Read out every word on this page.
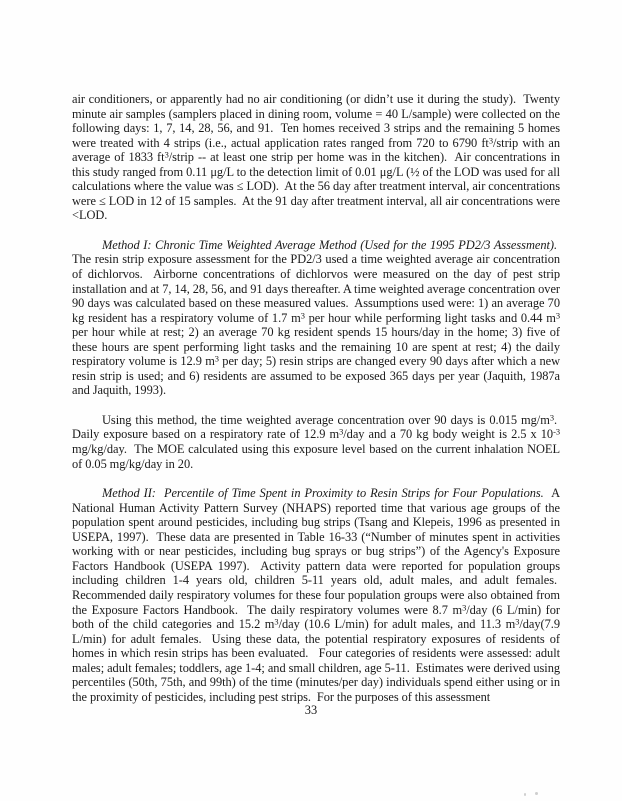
air conditioners, or apparently had no air conditioning (or didn’t use it during the study).  Twenty minute air samples (samplers placed in dining room, volume = 40 L/sample) were collected on the following days: 1, 7, 14, 28, 56, and 91.  Ten homes received 3 strips and the remaining 5 homes were treated with 4 strips (i.e., actual application rates ranged from 720 to 6790 $ft^3$/strip with an average of 1833 $ft^3$/strip -- at least one strip per home was in the kitchen).  Air concentrations in this study ranged from 0.11 μg/L to the detection limit of 0.01 μg/L (½ of the LOD was used for all calculations where the value was ≤ LOD).  At the 56 day after treatment interval, air concentrations were ≤ LOD in 12 of 15 samples.  At the 91 day after treatment interval, all air concentrations were <LOD.

Method I: Chronic Time Weighted Average Method (Used for the 1995 PD2/3 Assessment).  The resin strip exposure assessment for the PD2/3 used a time weighted average air concentration of dichlorvos.  Airborne concentrations of dichlorvos were measured on the day of pest strip installation and at 7, 14, 28, 56, and 91 days thereafter. A time weighted average concentration over 90 days was calculated based on these measured values.  Assumptions used were: 1) an average 70 kg resident has a respiratory volume of 1.7 $m^3$ per hour while performing light tasks and 0.44 $m^3$ per hour while at rest; 2) an average 70 kg resident spends 15 hours/day in the home; 3) five of these hours are spent performing light tasks and the remaining 10 are spent at rest; 4) the daily respiratory volume is 12.9 $m^3$ per day; 5) resin strips are changed every 90 days after which a new resin strip is used; and 6) residents are assumed to be exposed 365 days per year (Jaquith, 1987a and Jaquith, 1993).

Using this method, the time weighted average concentration over 90 days is 0.015 $mg/m^3$.  Daily exposure based on a respiratory rate of 12.9 $m^3$/day and a 70 kg body weight is 2.5 x $10^{-3}$ mg/kg/day.  The MOE calculated using this exposure level based on the current inhalation NOEL of 0.05 mg/kg/day in 20.

Method II:  Percentile of Time Spent in Proximity to Resin Strips for Four Populations.  A National Human Activity Pattern Survey (NHAPS) reported time that various age groups of the population spent around pesticides, including bug strips (Tsang and Klepeis, 1996 as presented in USEPA, 1997).  These data are presented in Table 16-33 (“Number of minutes spent in activities working with or near pesticides, including bug sprays or bug strips”) of the Agency's Exposure Factors Handbook (USEPA 1997).  Activity pattern data were reported for population groups including children 1-4 years old, children 5-11 years old, adult males, and adult females.  Recommended daily respiratory volumes for these four population groups were also obtained from the Exposure Factors Handbook.  The daily respiratory volumes were 8.7 $m^3$/day (6 L/min) for both of the child categories and 15.2 $m^3$/day (10.6 L/min) for adult males, and 11.3 $m^3/day(7.9$ L/min) for adult females.  Using these data, the potential respiratory exposures of residents of homes in which resin strips has been evaluated.   Four categories of residents were assessed: adult males; adult females; toddlers, age 1-4; and small children, age 5-11.  Estimates were derived using percentiles (50th, 75th, and 99th) of the time (minutes/per day) individuals spend either using or in the proximity of pesticides, including pest strips.  For the purposes of this assessment

33
